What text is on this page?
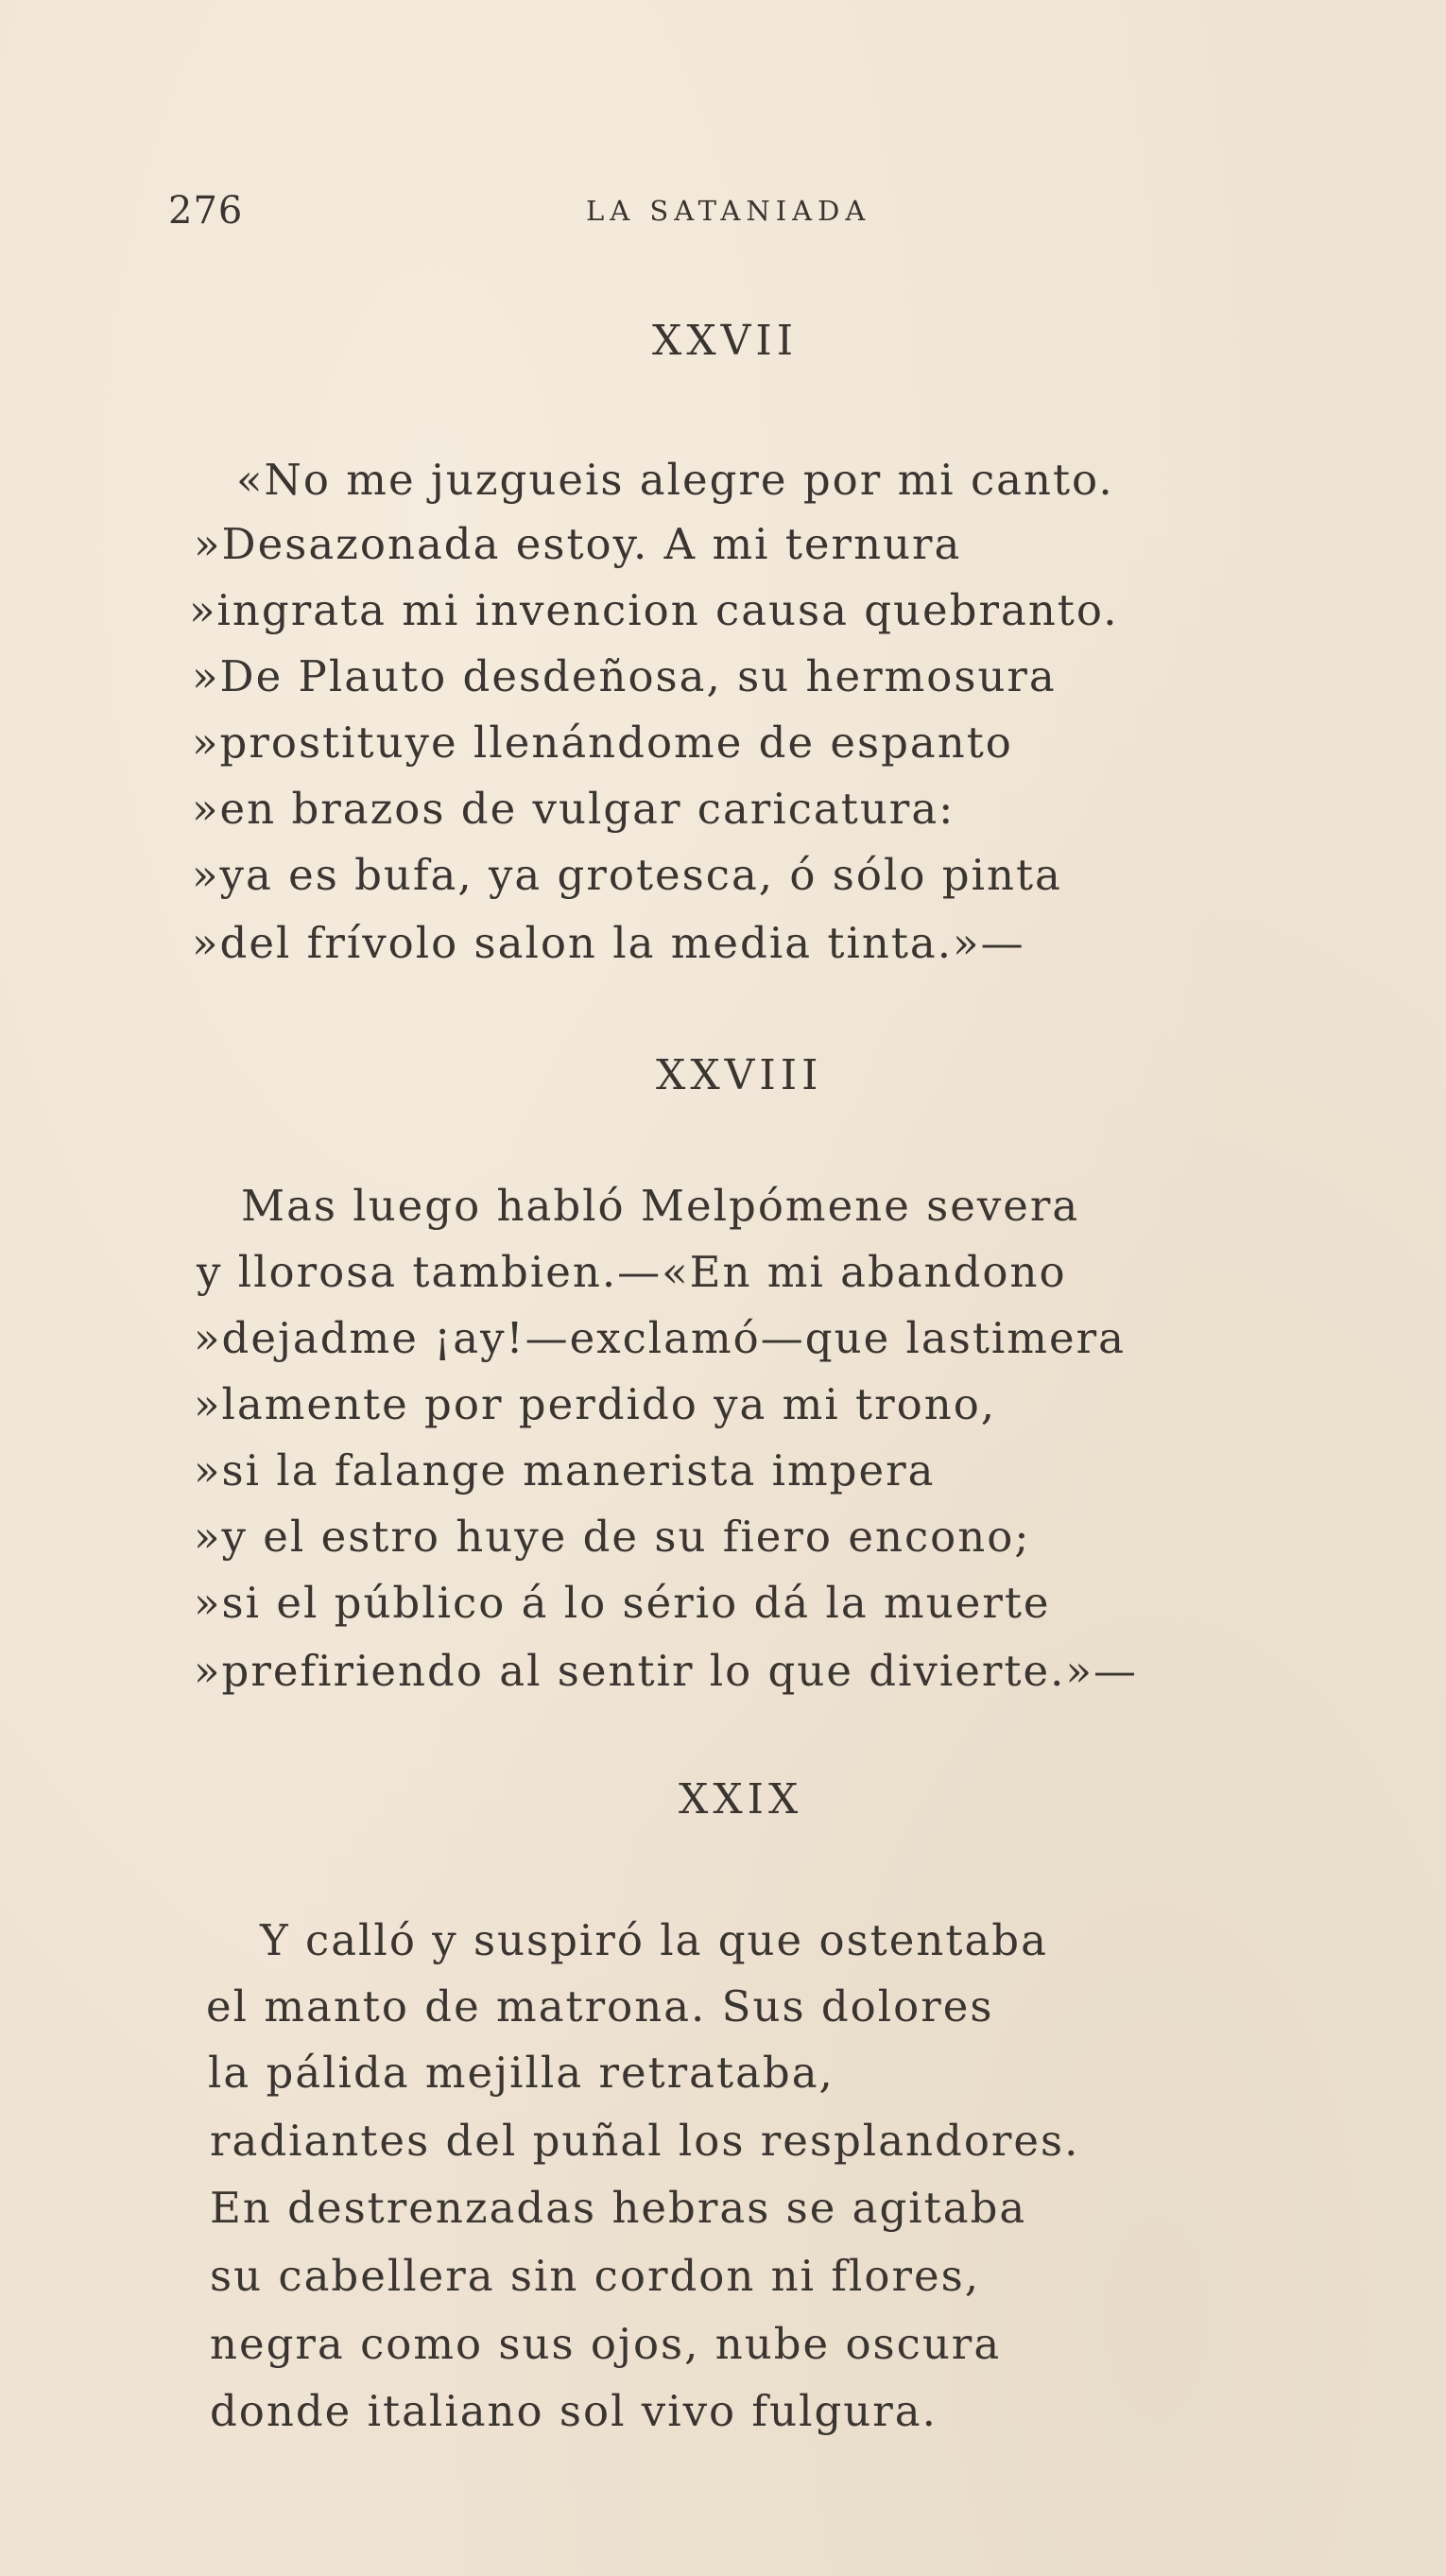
276	LA SATANIADA
XXVII
«No me juzgueis alegre por mi canto.
»Desazonada estoy. A mi ternura
»ingrata mi invencion causa quebranto.
»De Plauto desdeñosa, su hermosura
»prostituye llenándome de espanto
»en brazos de vulgar caricatura:
»ya es bufa, ya grotesca, ó sólo pinta
»del frívolo salon la media tinta.»—
XXVIII
Mas luego habló Melpómene severa
y llorosa tambien.—«En mi abandono
»dejadme ¡ay!—exclamó—que lastimera
»lamente por perdido ya mi trono,
»si la falange manerista impera
»y el estro huye de su fiero encono;
»si el público á lo sério dá la muerte
»prefiriendo al sentir lo que divierte.»—
XXIX
Y calló y suspiró la que ostentaba
el manto de matrona. Sus dolores
la pálida mejilla retrataba,
radiantes del puñal los resplandores.
En destrenzadas hebras se agitaba
su cabellera sin cordon ni flores,
negra como sus ojos, nube oscura
donde italiano sol vivo fulgura.
